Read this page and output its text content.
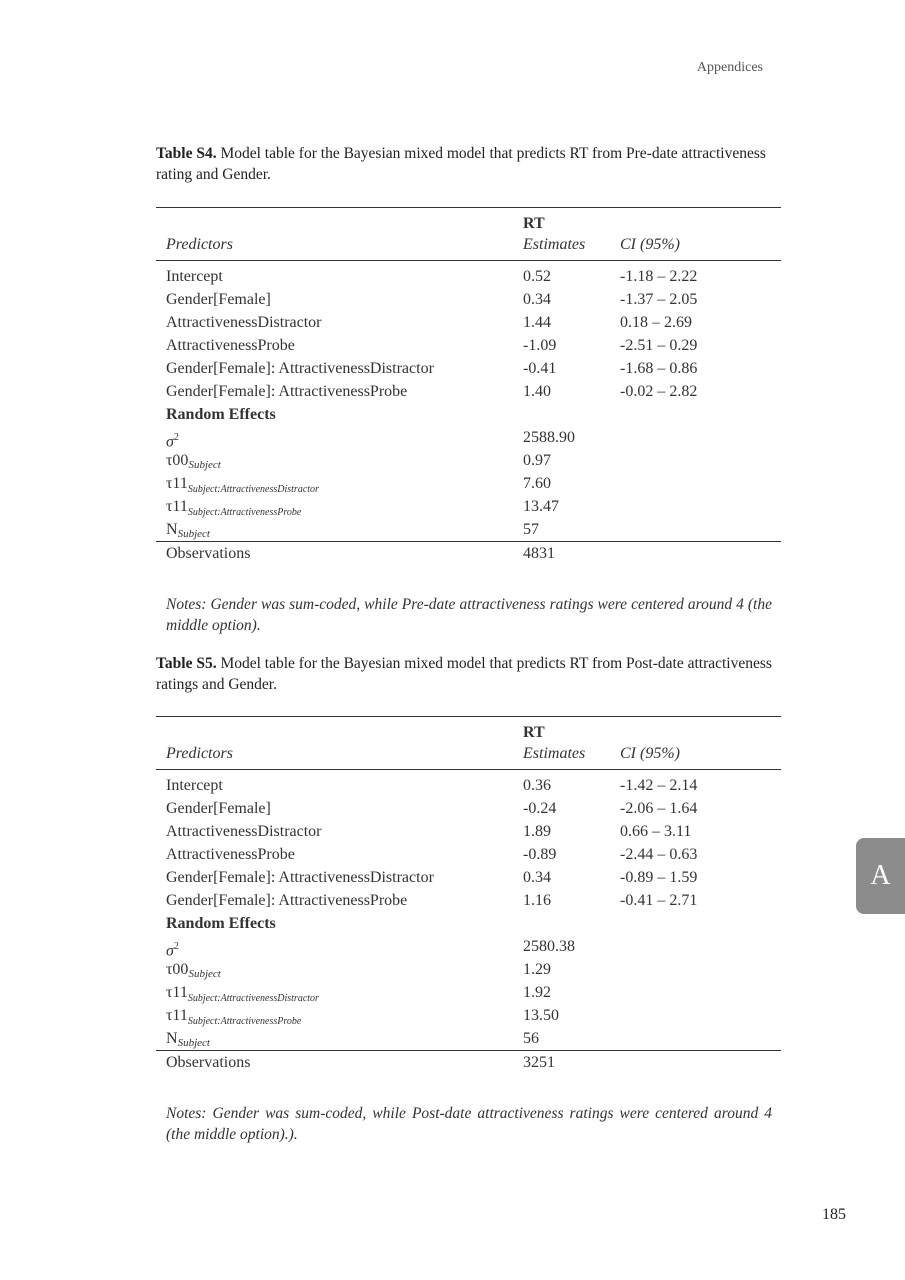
Appendices
Table S4. Model table for the Bayesian mixed model that predicts RT from Pre-date attractiveness rating and Gender.
RT
Predictors	Estimates	CI (95%)
Intercept	0.52	-1.18 – 2.22
Gender[Female]	0.34	-1.37 – 2.05
AttractivenessDistractor	1.44	0.18 – 2.69
AttractivenessProbe	-1.09	-2.51 – 0.29
Gender[Female]: AttractivenessDistractor	-0.41	-1.68 – 0.86
Gender[Female]: AttractivenessProbe	1.40	-0.02 – 2.82
Random Effects
$\sigma^2$	2588.90
$\tau 00_{Subject}$	0.97
$\tau 11_{Subject:AttractivenessDistractor}$	7.60
$\tau 11_{Subject:AttractivenessProbe}$	13.47
$N_{Subject}$	57
Observations	4831
Notes: Gender was sum-coded, while Pre-date attractiveness ratings were centered around 4 (the middle option).
Table S5. Model table for the Bayesian mixed model that predicts RT from Post-date attractiveness ratings and Gender.
RT
Predictors	Estimates	CI (95%)
Intercept	0.36	-1.42 – 2.14
Gender[Female]	-0.24	-2.06 – 1.64
AttractivenessDistractor	1.89	0.66 – 3.11
AttractivenessProbe	-0.89	-2.44 – 0.63
Gender[Female]: AttractivenessDistractor	0.34	-0.89 – 1.59
Gender[Female]: AttractivenessProbe	1.16	-0.41 – 2.71
Random Effects
$\sigma^2$	2580.38
$\tau 00_{Subject}$	1.29
$\tau 11_{Subject:AttractivenessDistractor}$	1.92
$\tau 11_{Subject:AttractivenessProbe}$	13.50
$N_{Subject}$	56
Observations	3251
Notes: Gender was sum-coded, while Post-date attractiveness ratings were centered around 4 (the middle option).).
A
185
